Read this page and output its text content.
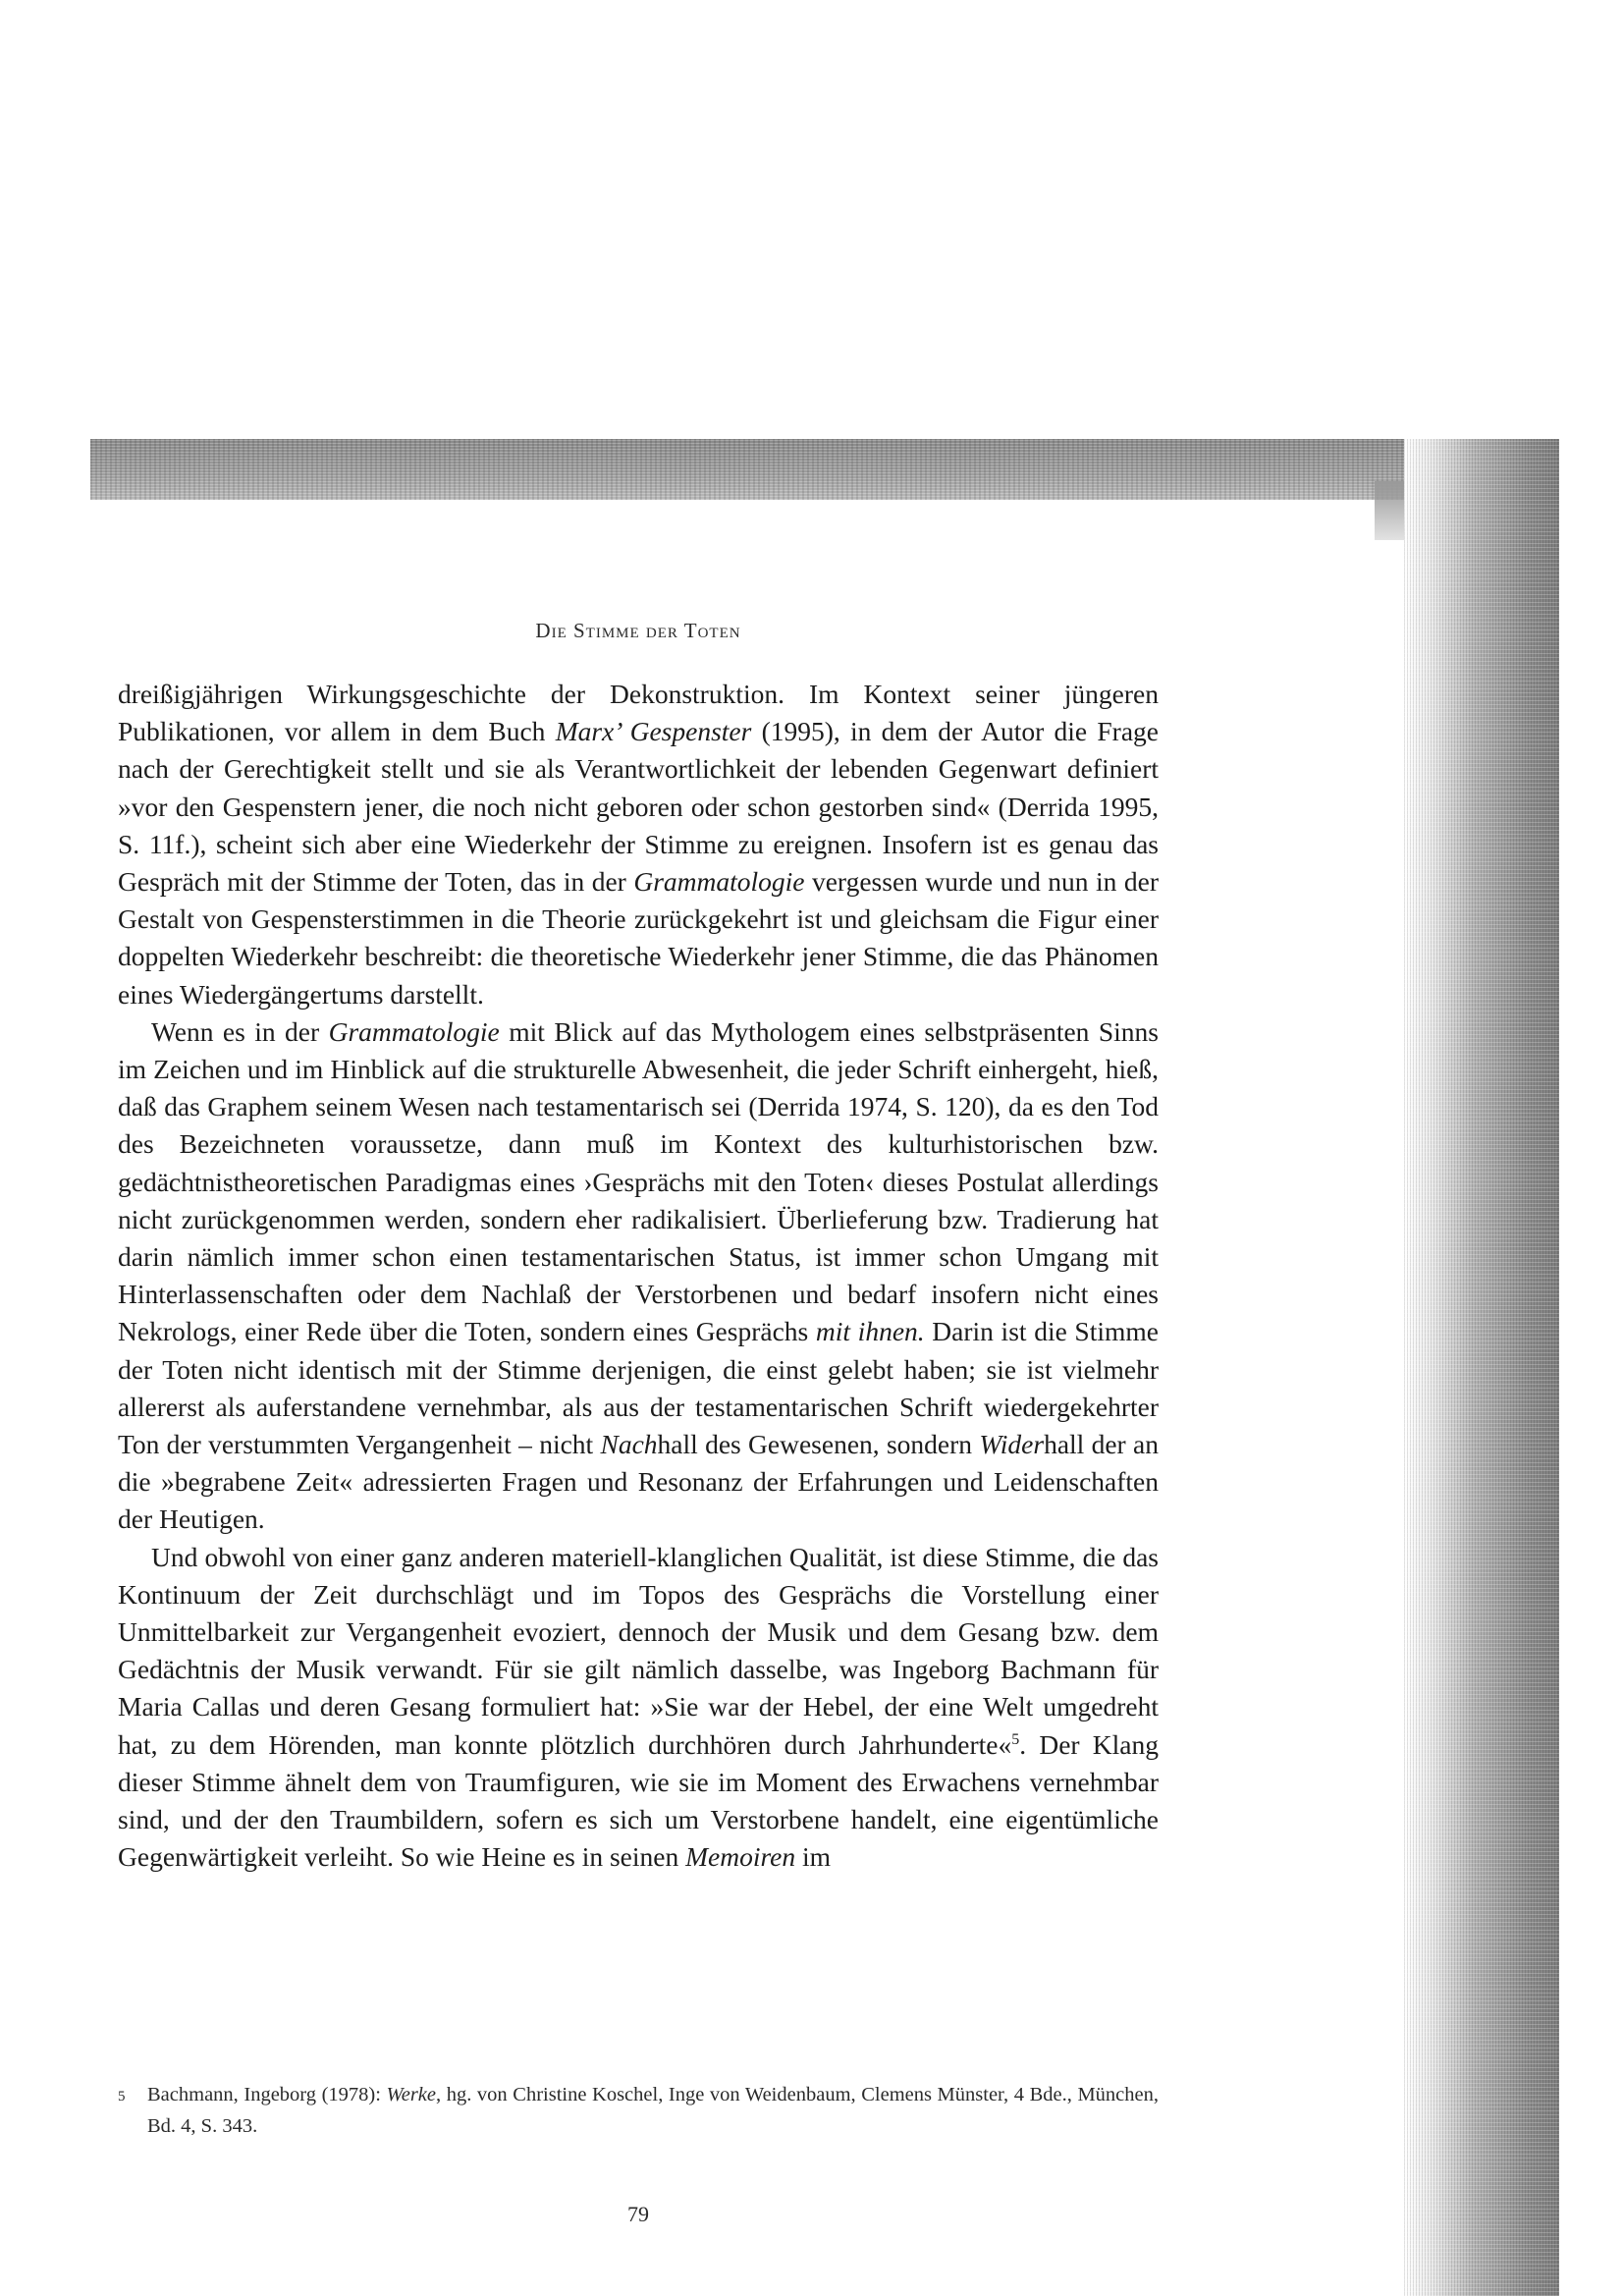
Die Stimme der Toten

dreißigjährigen Wirkungsgeschichte der Dekonstruktion. Im Kontext seiner jüngeren Publikationen, vor allem in dem Buch Marx’ Gespenster (1995), in dem der Autor die Frage nach der Gerechtigkeit stellt und sie als Verantwortlichkeit der lebenden Gegenwart definiert »vor den Gespenstern jener, die noch nicht geboren oder schon gestorben sind« (Derrida 1995, S. 11f.), scheint sich aber eine Wiederkehr der Stimme zu ereignen. Insofern ist es genau das Gespräch mit der Stimme der Toten, das in der Grammatologie vergessen wurde und nun in der Gestalt von Gespensterstimmen in die Theorie zurückgekehrt ist und gleichsam die Figur einer doppelten Wiederkehr beschreibt: die theoretische Wiederkehr jener Stimme, die das Phänomen eines Wiedergängertums darstellt.

Wenn es in der Grammatologie mit Blick auf das Mythologem eines selbstpräsenten Sinns im Zeichen und im Hinblick auf die strukturelle Abwesenheit, die jeder Schrift einhergeht, hieß, daß das Graphem seinem Wesen nach testamentarisch sei (Derrida 1974, S. 120), da es den Tod des Bezeichneten voraussetze, dann muß im Kontext des kulturhistorischen bzw. gedächtnistheoretischen Paradigmas eines ›Gesprächs mit den Toten‹ dieses Postulat allerdings nicht zurückgenommen werden, sondern eher radikalisiert. Überlieferung bzw. Tradierung hat darin nämlich immer schon einen testamentarischen Status, ist immer schon Umgang mit Hinterlassenschaften oder dem Nachlaß der Verstorbenen und bedarf insofern nicht eines Nekrologs, einer Rede über die Toten, sondern eines Gesprächs mit ihnen. Darin ist die Stimme der Toten nicht identisch mit der Stimme derjenigen, die einst gelebt haben; sie ist vielmehr allererst als auferstandene vernehmbar, als aus der testamentarischen Schrift wiedergekehrter Ton der verstummten Vergangenheit – nicht Nachhall des Gewesenen, sondern Widerhall der an die »begrabene Zeit« adressierten Fragen und Resonanz der Erfahrungen und Leidenschaften der Heutigen.

Und obwohl von einer ganz anderen materiell-klanglichen Qualität, ist diese Stimme, die das Kontinuum der Zeit durchschlägt und im Topos des Gesprächs die Vorstellung einer Unmittelbarkeit zur Vergangenheit evoziert, dennoch der Musik und dem Gesang bzw. dem Gedächtnis der Musik verwandt. Für sie gilt nämlich dasselbe, was Ingeborg Bachmann für Maria Callas und deren Gesang formuliert hat: »Sie war der Hebel, der eine Welt umgedreht hat, zu dem Hörenden, man konnte plötzlich durchhören durch Jahrhunderte«$^5$. Der Klang dieser Stimme ähnelt dem von Traumfiguren, wie sie im Moment des Erwachens vernehmbar sind, und der den Traumbildern, sofern es sich um Verstorbene handelt, eine eigentümliche Gegenwärtigkeit verleiht. So wie Heine es in seinen Memoiren im

5	Bachmann, Ingeborg (1978): Werke, hg. von Christine Koschel, Inge von Weidenbaum, Clemens Münster, 4 Bde., München, Bd. 4, S. 343.
79
